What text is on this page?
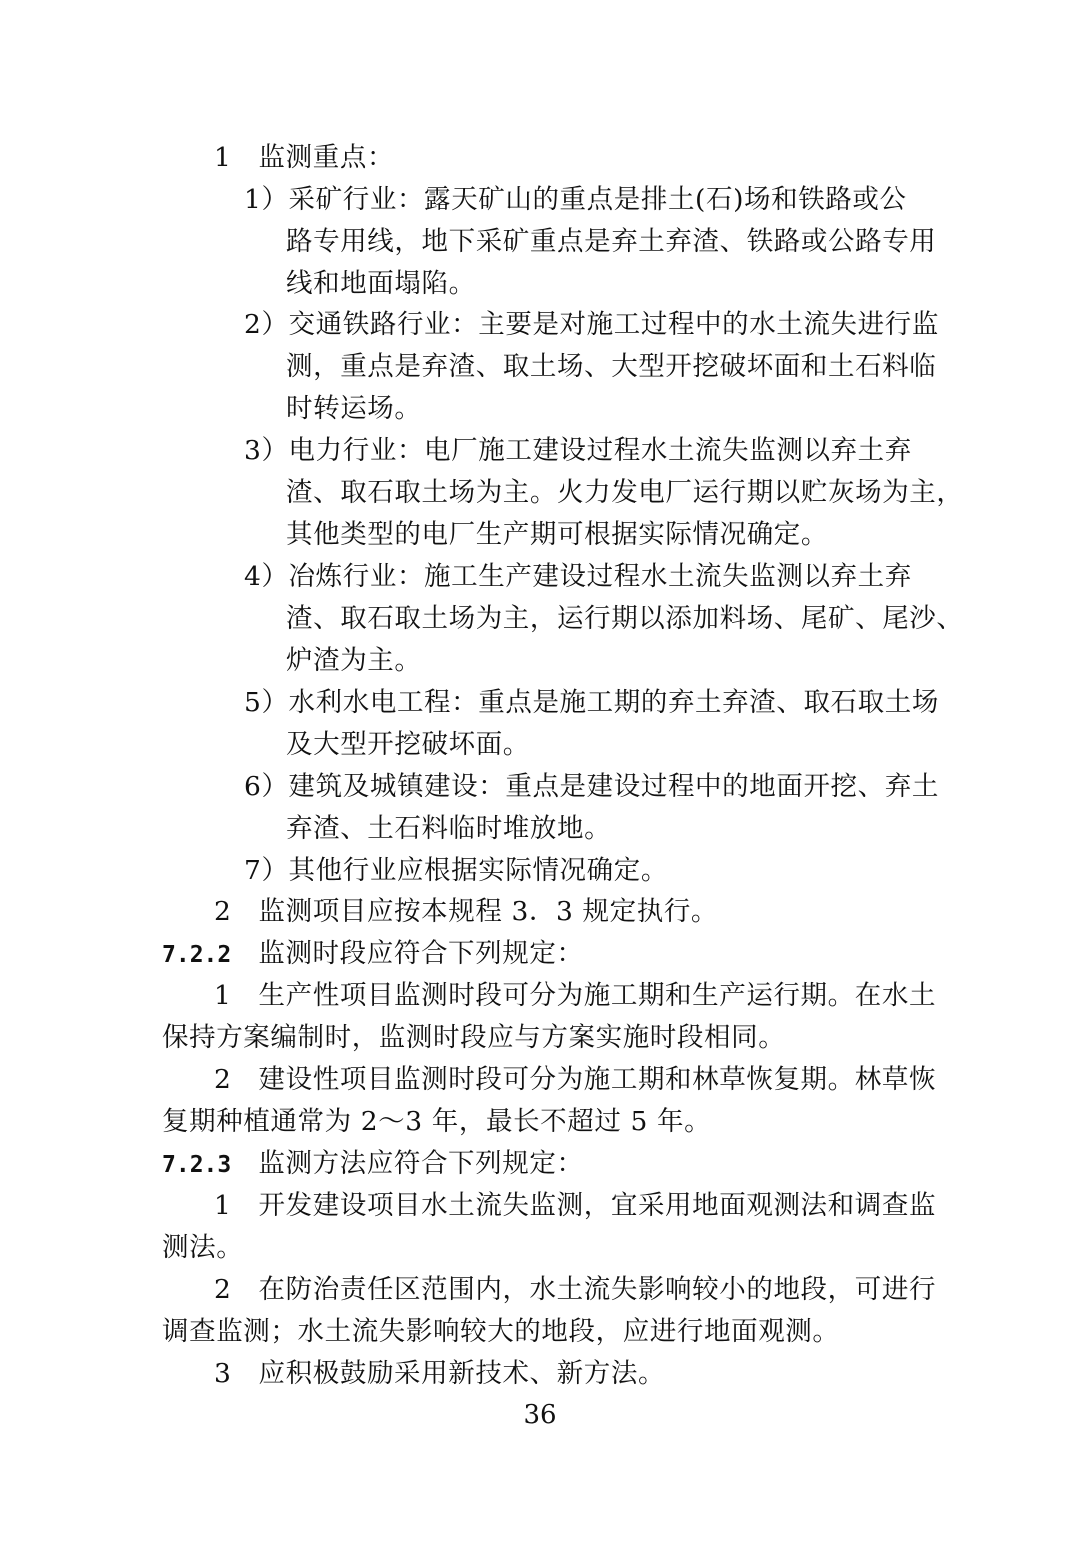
1　监测重点：
1）采矿行业：露天矿山的重点是排土(石)场和铁路或公
路专用线，地下采矿重点是弃土弃渣、铁路或公路专用
线和地面塌陷。
2）交通铁路行业：主要是对施工过程中的水土流失进行监
测，重点是弃渣、取土场、大型开挖破坏面和土石料临
时转运场。
3）电力行业：电厂施工建设过程水土流失监测以弃土弃
渣、取石取土场为主。火力发电厂运行期以贮灰场为主，
其他类型的电厂生产期可根据实际情况确定。
4）冶炼行业：施工生产建设过程水土流失监测以弃土弃
渣、取石取土场为主，运行期以添加料场、尾矿、尾沙、
炉渣为主。
5）水利水电工程：重点是施工期的弃土弃渣、取石取土场
及大型开挖破坏面。
6）建筑及城镇建设：重点是建设过程中的地面开挖、弃土
弃渣、土石料临时堆放地。
7）其他行业应根据实际情况确定。
2　监测项目应按本规程 3．3 规定执行。
7.2.2　 监测时段应符合下列规定：
1　生产性项目监测时段可分为施工期和生产运行期。在水土
保持方案编制时，监测时段应与方案实施时段相同。
2　建设性项目监测时段可分为施工期和林草恢复期。林草恢
复期种植通常为 2～3 年，最长不超过 5 年。
7.2.3　 监测方法应符合下列规定：
1　开发建设项目水土流失监测，宜采用地面观测法和调查监
测法。
2　在防治责任区范围内，水土流失影响较小的地段，可进行
调查监测；水土流失影响较大的地段，应进行地面观测。
3　应积极鼓励采用新技术、新方法。
36
